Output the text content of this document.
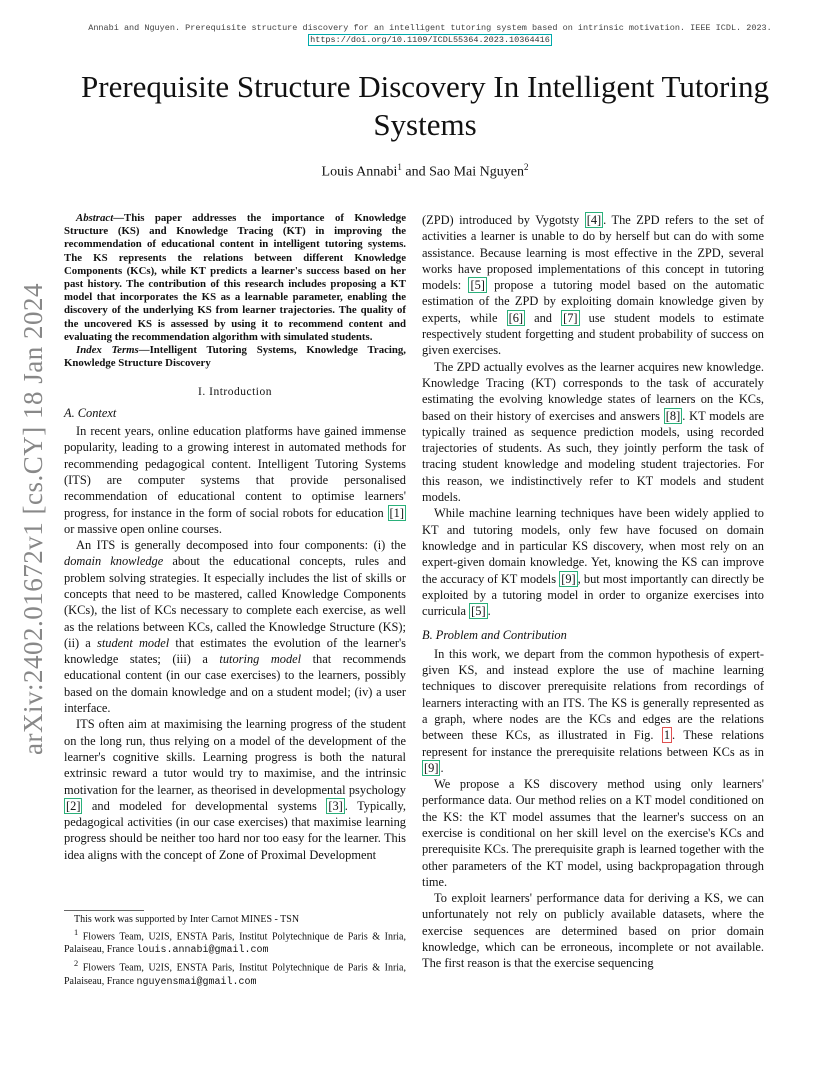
Annabi and Nguyen. Prerequisite structure discovery for an intelligent tutoring system based on intrinsic motivation. IEEE ICDL. 2023. https://doi.org/10.1109/ICDL55364.2023.10364416
arXiv:2402.01672v1 [cs.CY] 18 Jan 2024
Prerequisite Structure Discovery In Intelligent Tutoring Systems
Louis Annabi$^1$ and Sao Mai Nguyen$^2$

Abstract—This paper addresses the importance of Knowledge Structure (KS) and Knowledge Tracing (KT) in improving the recommendation of educational content in intelligent tutoring systems. The KS represents the relations between different Knowledge Components (KCs), while KT predicts a learner's success based on her past history. The contribution of this research includes proposing a KT model that incorporates the KS as a learnable parameter, enabling the discovery of the underlying KS from learner trajectories. The quality of the uncovered KS is assessed by using it to recommend content and evaluating the recommendation algorithm with simulated students.

Index Terms—Intelligent Tutoring Systems, Knowledge Tracing, Knowledge Structure Discovery

I. Introduction
A. Context

In recent years, online education platforms have gained immense popularity, leading to a growing interest in automated methods for recommending pedagogical content. Intelligent Tutoring Systems (ITS) are computer systems that provide personalised recommendation of educational content to optimise learners' progress, for instance in the form of social robots for education [1] or massive open online courses.

An ITS is generally decomposed into four components: (i) the domain knowledge about the educational concepts, rules and problem solving strategies. It especially includes the list of skills or concepts that need to be mastered, called Knowledge Components (KCs), the list of KCs necessary to complete each exercise, as well as the relations between KCs, called the Knowledge Structure (KS); (ii) a student model that estimates the evolution of the learner's knowledge states; (iii) a tutoring model that recommends educational content (in our case exercises) to the learners, possibly based on the domain knowledge and on a student model; (iv) a user interface.

ITS often aim at maximising the learning progress of the student on the long run, thus relying on a model of the development of the learner's cognitive skills. Learning progress is both the natural extrinsic reward a tutor would try to maximise, and the intrinsic motivation for the learner, as theorised in developmental psychology [2] and modeled for developmental systems [3] . Typically, pedagogical activities (in our case exercises) that maximise learning progress should be neither too hard nor too easy for the learner. This idea aligns with the concept of Zone of Proximal Development

This work was supported by Inter Carnot MINES - TSN

$^1$ Flowers Team, U2IS, ENSTA Paris, Institut Polytechnique de Paris & Inria, Palaiseau, France louis.annabi@gmail.com

$^2$ Flowers Team, U2IS, ENSTA Paris, Institut Polytechnique de Paris & Inria, Palaiseau, France nguyensmai@gmail.com

(ZPD) introduced by Vygotsty [4] . The ZPD refers to the set of activities a learner is unable to do by herself but can do with some assistance. Because learning is most effective in the ZPD, several works have proposed implementations of this concept in tutoring models: [5] propose a tutoring model based on the automatic estimation of the ZPD by exploiting domain knowledge given by experts, while [6] and [7] use student models to estimate respectively student forgetting and student probability of success on given exercises.

The ZPD actually evolves as the learner acquires new knowledge. Knowledge Tracing (KT) corresponds to the task of accurately estimating the evolving knowledge states of learners on the KCs, based on their history of exercises and answers [8] . KT models are typically trained as sequence prediction models, using recorded trajectories of students. As such, they jointly perform the task of tracing student knowledge and modeling student trajectories. For this reason, we indistinctively refer to KT models and student models.

While machine learning techniques have been widely applied to KT and tutoring models, only few have focused on domain knowledge and in particular KS discovery, when most rely on an expert-given domain knowledge. Yet, knowing the KS can improve the accuracy of KT models [9] , but most importantly can directly be exploited by a tutoring model in order to organize exercises into curricula [5] .

B. Problem and Contribution

In this work, we depart from the common hypothesis of expert-given KS, and instead explore the use of machine learning techniques to discover prerequisite relations from recordings of learners interacting with an ITS. The KS is generally represented as a graph, where nodes are the KCs and edges are the relations between these KCs, as illustrated in Fig. 1 . These relations represent for instance the prerequisite relations between KCs as in [9] .

We propose a KS discovery method using only learners' performance data. Our method relies on a KT model conditioned on the KS: the KT model assumes that the learner's success on an exercise is conditional on her skill level on the exercise's KCs and prerequisite KCs. The prerequisite graph is learned together with the other parameters of the KT model, using backpropagation through time.

To exploit learners' performance data for deriving a KS, we can unfortunately not rely on publicly available datasets, where the exercise sequences are determined based on prior domain knowledge, which can be erroneous, incomplete or not available. The first reason is that the exercise sequencing
